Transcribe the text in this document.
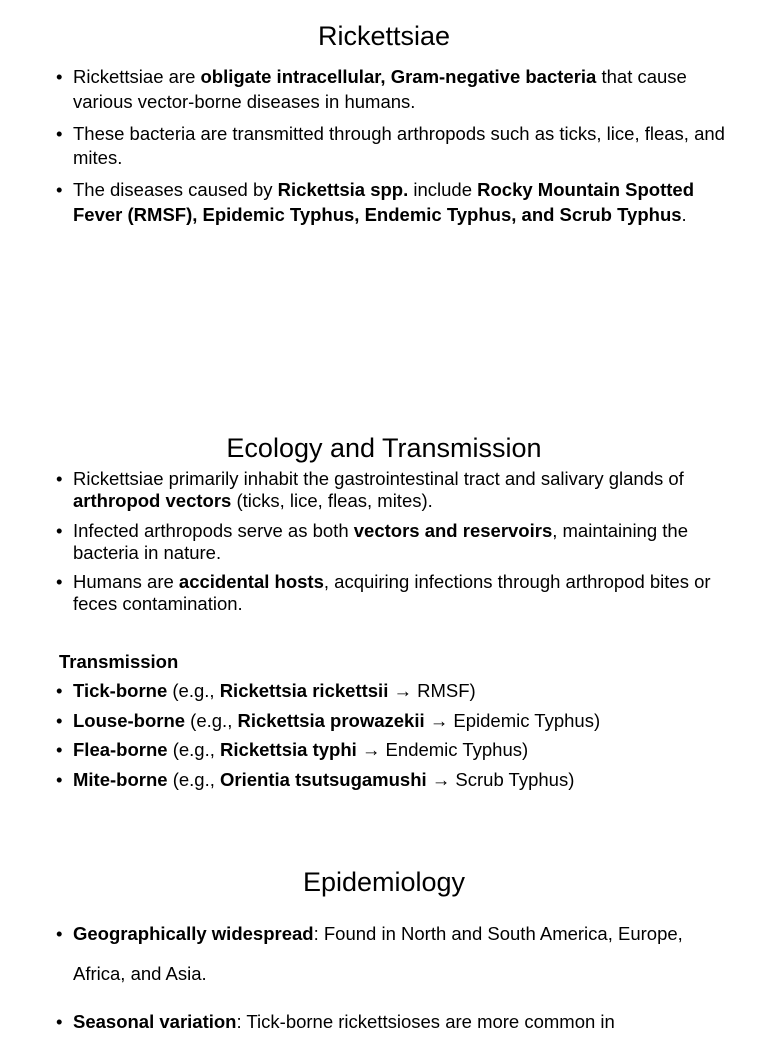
Rickettsiae
• Rickettsiae are obligate intracellular, Gram-negative bacteria that cause various vector-borne diseases in humans.
• These bacteria are transmitted through arthropods such as ticks, lice, fleas, and mites.
• The diseases caused by Rickettsia spp. include Rocky Mountain Spotted Fever (RMSF), Epidemic Typhus, Endemic Typhus, and Scrub Typhus.
Ecology and Transmission
• Rickettsiae primarily inhabit the gastrointestinal tract and salivary glands of arthropod vectors (ticks, lice, fleas, mites).
• Infected arthropods serve as both vectors and reservoirs, maintaining the bacteria in nature.
• Humans are accidental hosts, acquiring infections through arthropod bites or feces contamination.
Transmission
• Tick-borne (e.g., Rickettsia rickettsii → RMSF)
• Louse-borne (e.g., Rickettsia prowazekii → Epidemic Typhus)
• Flea-borne (e.g., Rickettsia typhi → Endemic Typhus)
• Mite-borne (e.g., Orientia tsutsugamushi → Scrub Typhus)
Epidemiology
• Geographically widespread: Found in North and South America, Europe, Africa, and Asia.
• Seasonal variation: Tick-borne rickettsioses are more common in
